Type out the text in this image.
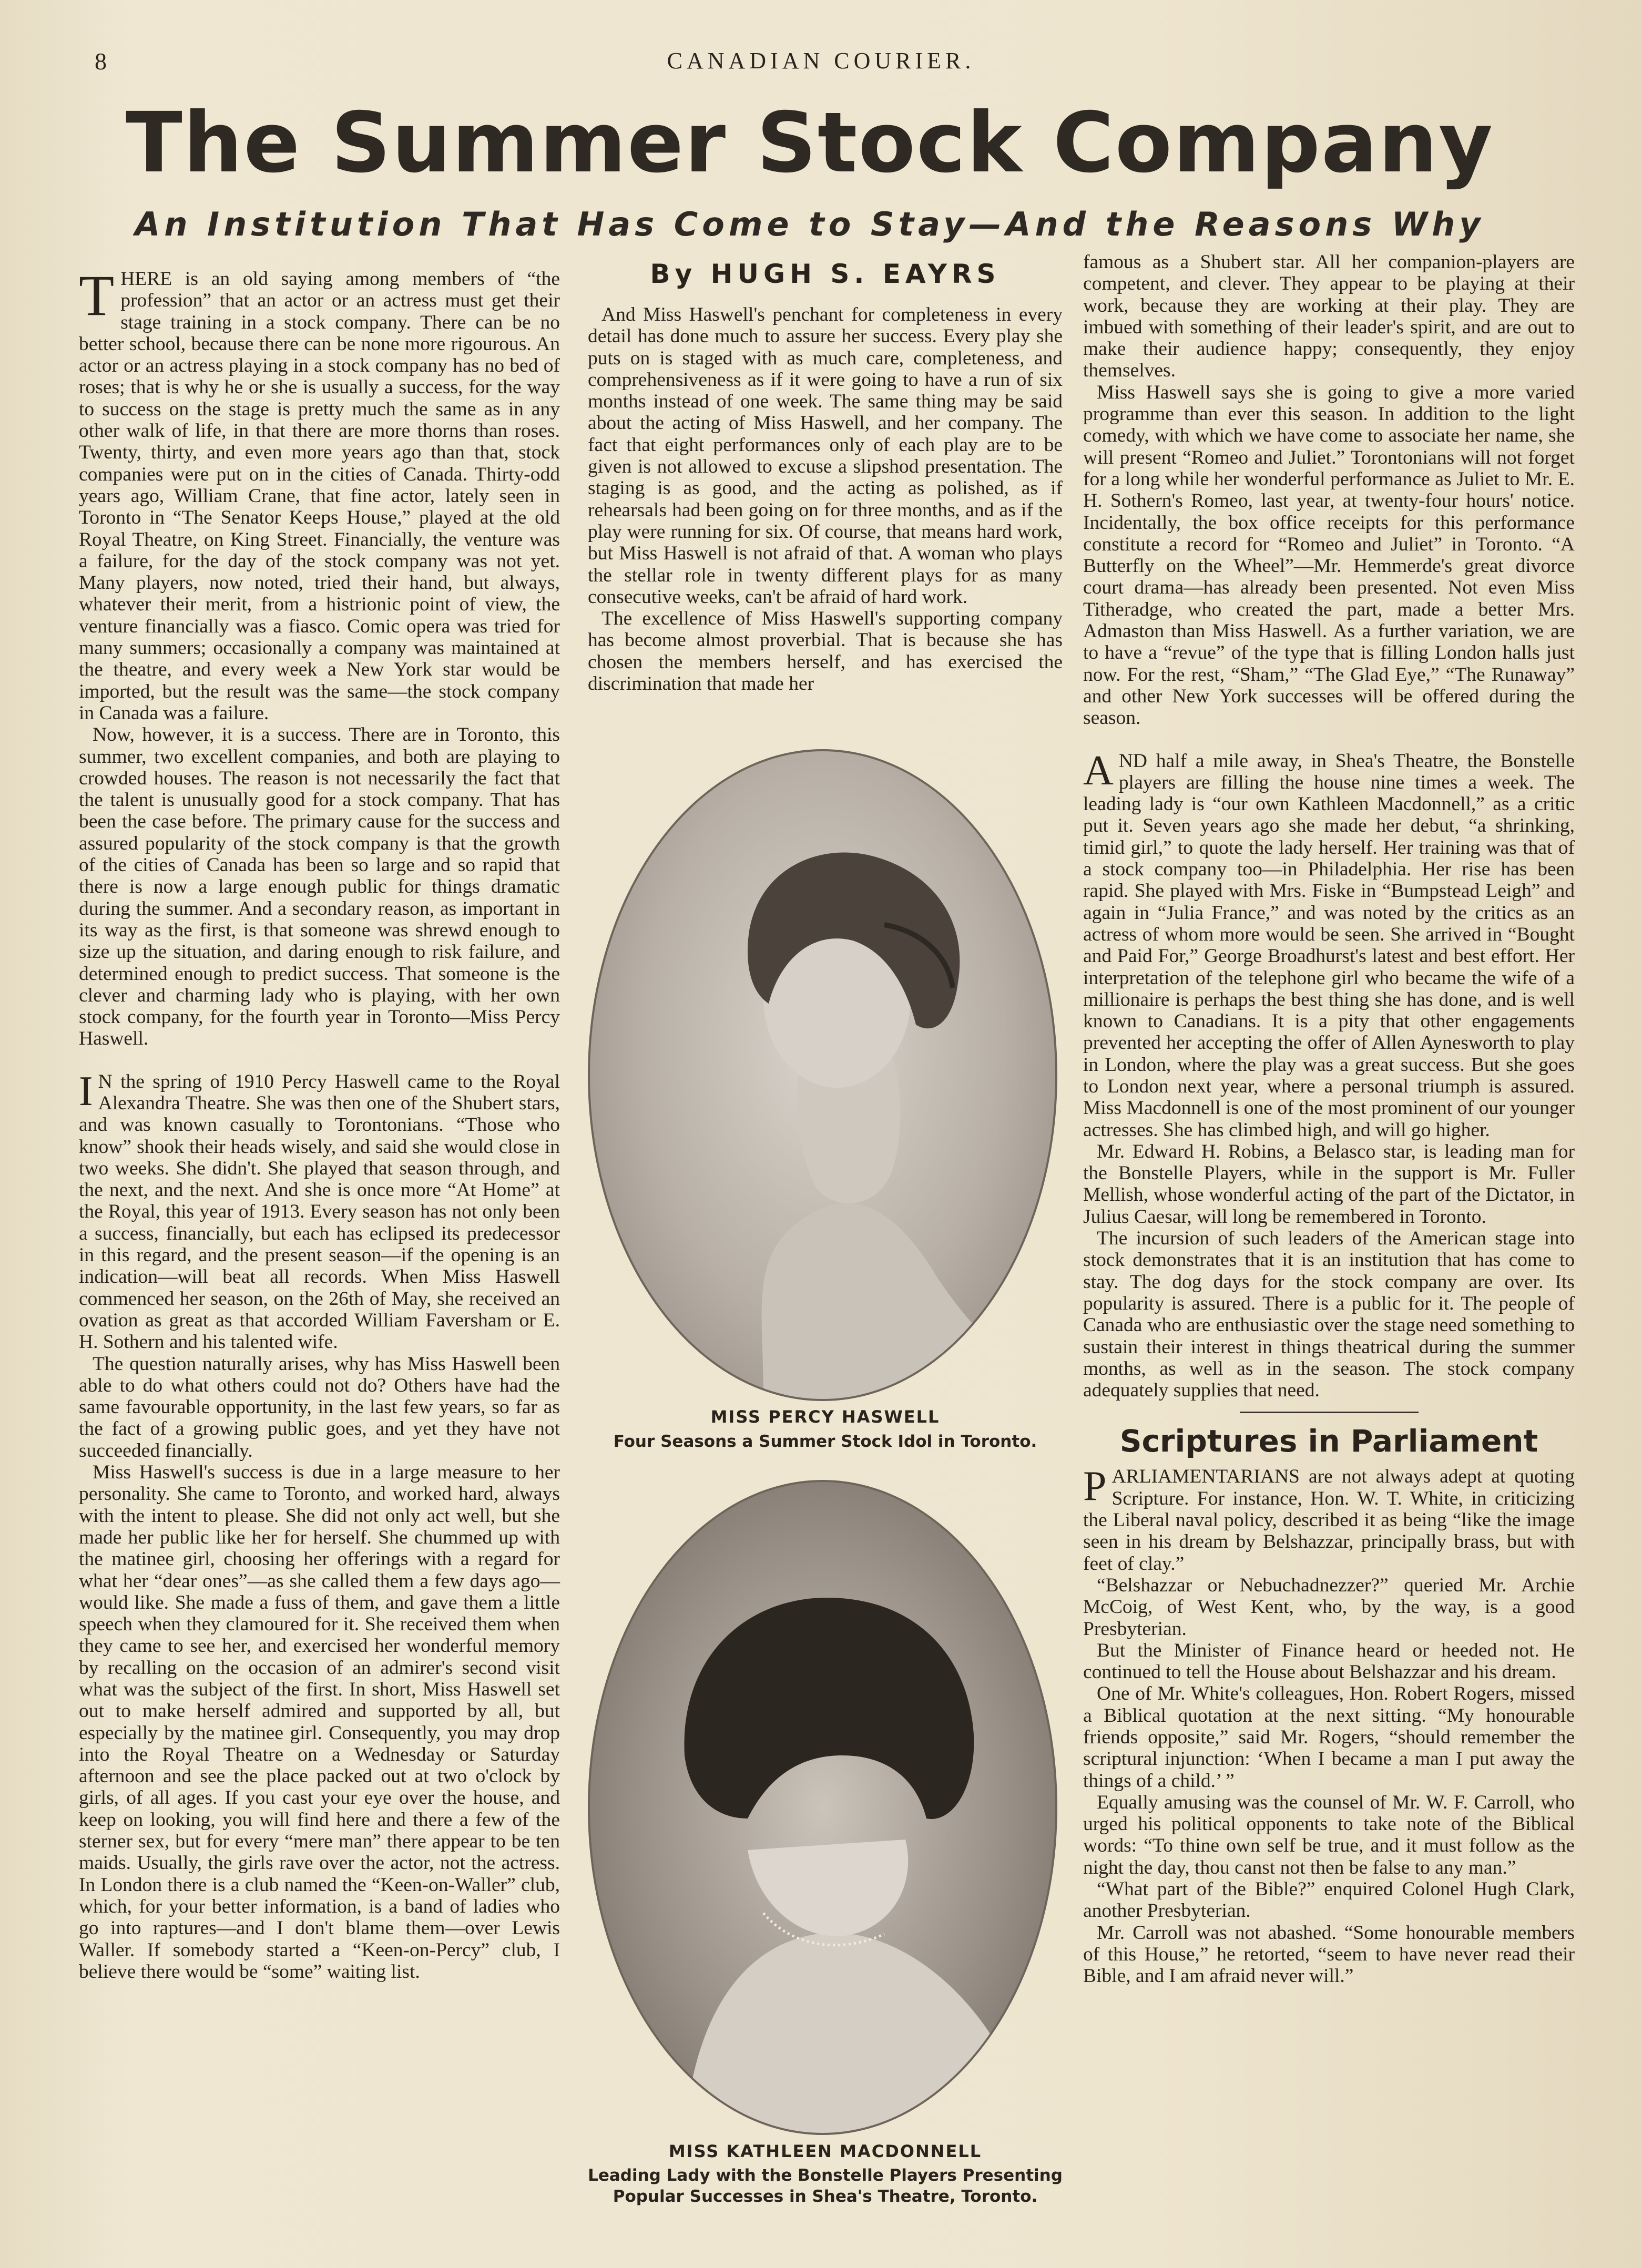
8	CANADIAN COURIER.
The Summer Stock Company
An Institution That Has Come to Stay—And the Reasons Why

THERE is an old saying among members of “the profession” that an actor or an actress must get their stage training in a stock company. There can be no better school, because there can be none more rigourous. An actor or an actress playing in a stock company has no bed of roses; that is why he or she is usually a success, for the way to success on the stage is pretty much the same as in any other walk of life, in that there are more thorns than roses. Twenty, thirty, and even more years ago than that, stock companies were put on in the cities of Canada. Thirty-odd years ago, William Crane, that fine actor, lately seen in Toronto in “The Senator Keeps House,” played at the old Royal Theatre, on King Street. Financially, the venture was a failure, for the day of the stock company was not yet. Many players, now noted, tried their hand, but always, whatever their merit, from a histrionic point of view, the venture financially was a fiasco. Comic opera was tried for many summers; occasionally a company was maintained at the theatre, and every week a New York star would be imported, but the result was the same—the stock company in Canada was a failure.

Now, however, it is a success. There are in Toronto, this summer, two excellent companies, and both are playing to crowded houses. The reason is not necessarily the fact that the talent is unusually good for a stock company. That has been the case before. The primary cause for the success and assured popularity of the stock company is that the growth of the cities of Canada has been so large and so rapid that there is now a large enough public for things dramatic during the summer. And a secondary reason, as important in its way as the first, is that someone was shrewd enough to size up the situation, and daring enough to risk failure, and determined enough to predict success. That someone is the clever and charming lady who is playing, with her own stock company, for the fourth year in Toronto—Miss Percy Haswell.

I N the spring of 1910 Percy Haswell came to the Royal Alexandra Theatre. She was then one of the Shubert stars, and was known casually to Torontonians. “Those who know” shook their heads wisely, and said she would close in two weeks. She didn't. She played that season through, and the next, and the next. And she is once more “At Home” at the Royal, this year of 1913. Every season has not only been a success, financially, but each has eclipsed its predecessor in this regard, and the present season—if the opening is an indication—will beat all records. When Miss Haswell commenced her season, on the 26th of May, she received an ovation as great as that accorded William Faversham or E. H. Sothern and his talented wife.

The question naturally arises, why has Miss Haswell been able to do what others could not do? Others have had the same favourable opportunity, in the last few years, so far as the fact of a growing public goes, and yet they have not succeeded financially.

Miss Haswell's success is due in a large measure to her personality. She came to Toronto, and worked hard, always with the intent to please. She did not only act well, but she made her public like her for herself. She chummed up with the matinee girl, choosing her offerings with a regard for what her “dear ones”—as she called them a few days ago—would like. She made a fuss of them, and gave them a little speech when they clamoured for it. She received them when they came to see her, and exercised her wonderful memory by recalling on the occasion of an admirer's second visit what was the subject of the first. In short, Miss Haswell set out to make herself admired and supported by all, but especially by the matinee girl. Consequently, you may drop into the Royal Theatre on a Wednesday or Saturday afternoon and see the place packed out at two o'clock by girls, of all ages. If you cast your eye over the house, and keep on looking, you will find here and there a few of the sterner sex, but for every “mere man” there appear to be ten maids. Usually, the girls rave over the actor, not the actress. In London there is a club named the “Keen-on-Waller” club, which, for your better information, is a band of ladies who go into raptures—and I don't blame them—over Lewis Waller. If somebody started a “Keen-on-Percy” club, I believe there would be “some” waiting list.

By HUGH S. EAYRS

And Miss Haswell's penchant for completeness in every detail has done much to assure her success. Every play she puts on is staged with as much care, completeness, and comprehensiveness as if it were going to have a run of six months instead of one week. The same thing may be said about the acting of Miss Haswell, and her company. The fact that eight performances only of each play are to be given is not allowed to excuse a slipshod presentation. The staging is as good, and the acting as polished, as if rehearsals had been going on for three months, and as if the play were running for six. Of course, that means hard work, but Miss Haswell is not afraid of that. A woman who plays the stellar role in twenty different plays for as many consecutive weeks, can't be afraid of hard work.

The excellence of Miss Haswell's supporting company has become almost proverbial. That is because she has chosen the members herself, and has exercised the discrimination that made her

MISS PERCY HASWELL
Four Seasons a Summer Stock Idol in Toronto.
MISS KATHLEEN MACDONNELL
Leading Lady with the Bonstelle Players Presenting
Popular Successes in Shea's Theatre, Toronto.

famous as a Shubert star. All her companion-players are competent, and clever. They appear to be playing at their work, because they are working at their play. They are imbued with something of their leader's spirit, and are out to make their audience happy; consequently, they enjoy themselves.

Miss Haswell says she is going to give a more varied programme than ever this season. In addition to the light comedy, with which we have come to associate her name, she will present “Romeo and Juliet.” Torontonians will not forget for a long while her wonderful performance as Juliet to Mr. E. H. Sothern's Romeo, last year, at twenty-four hours' notice. Incidentally, the box office receipts for this performance constitute a record for “Romeo and Juliet” in Toronto. “A Butterfly on the Wheel”—Mr. Hemmerde's great divorce court drama—has already been presented. Not even Miss Titheradge, who created the part, made a better Mrs. Admaston than Miss Haswell. As a further variation, we are to have a “revue” of the type that is filling London halls just now. For the rest, “Sham,” “The Glad Eye,” “The Runaway” and other New York successes will be offered during the season.

AND half a mile away, in Shea's Theatre, the Bonstelle players are filling the house nine times a week. The leading lady is “our own Kathleen Macdonnell,” as a critic put it. Seven years ago she made her debut, “a shrinking, timid girl,” to quote the lady herself. Her training was that of a stock company too—in Philadelphia. Her rise has been rapid. She played with Mrs. Fiske in “Bumpstead Leigh” and again in “Julia France,” and was noted by the critics as an actress of whom more would be seen. She arrived in “Bought and Paid For,” George Broadhurst's latest and best effort. Her interpretation of the telephone girl who became the wife of a millionaire is perhaps the best thing she has done, and is well known to Canadians. It is a pity that other engagements prevented her accepting the offer of Allen Aynesworth to play in London, where the play was a great success. But she goes to London next year, where a personal triumph is assured. Miss Macdonnell is one of the most prominent of our younger actresses. She has climbed high, and will go higher.

Mr. Edward H. Robins, a Belasco star, is leading man for the Bonstelle Players, while in the support is Mr. Fuller Mellish, whose wonderful acting of the part of the Dictator, in Julius Caesar, will long be remembered in Toronto.

The incursion of such leaders of the American stage into stock demonstrates that it is an institution that has come to stay. The dog days for the stock company are over. Its popularity is assured. There is a public for it. The people of Canada who are enthusiastic over the stage need something to sustain their interest in things theatrical during the summer months, as well as in the season. The stock company adequately supplies that need.

Scriptures in Parliament

PARLIAMENTARIANS are not always adept at quoting Scripture. For instance, Hon. W. T. White, in criticizing the Liberal naval policy, described it as being “like the image seen in his dream by Belshazzar, principally brass, but with feet of clay.”

“Belshazzar or Nebuchadnezzer?” queried Mr. Archie McCoig, of West Kent, who, by the way, is a good Presbyterian.

But the Minister of Finance heard or heeded not. He continued to tell the House about Belshazzar and his dream.

One of Mr. White's colleagues, Hon. Robert Rogers, missed a Biblical quotation at the next sitting. “My honourable friends opposite,” said Mr. Rogers, “should remember the scriptural injunction: ‘When I became a man I put away the things of a child.’ ”

Equally amusing was the counsel of Mr. W. F. Carroll, who urged his political opponents to take note of the Biblical words: “To thine own self be true, and it must follow as the night the day, thou canst not then be false to any man.”

“What part of the Bible?” enquired Colonel Hugh Clark, another Presbyterian.

Mr. Carroll was not abashed. “Some honourable members of this House,” he retorted, “seem to have never read their Bible, and I am afraid never will.”
